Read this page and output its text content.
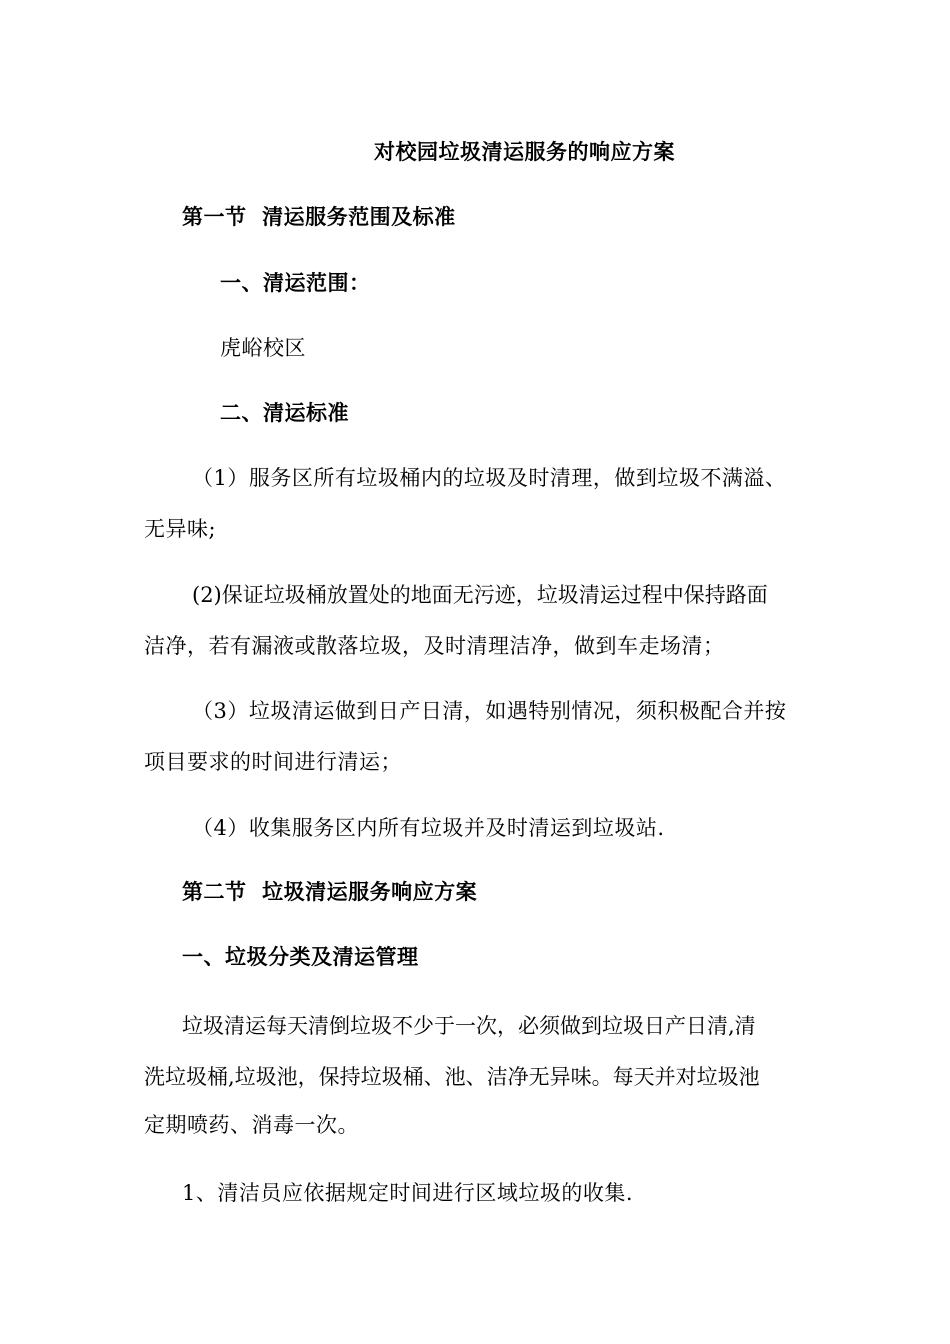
对校园垃圾清运服务的响应方案
第一节  清运服务范围及标准
一、清运范围：
虎峪校区
二、清运标准
（1）服务区所有垃圾桶内的垃圾及时清理，做到垃圾不满溢、
无异味;
(2)保证垃圾桶放置处的地面无污迹，垃圾清运过程中保持路面
洁净，若有漏液或散落垃圾，及时清理洁净，做到车走场清；
（3）垃圾清运做到日产日清，如遇特别情况，须积极配合并按
项目要求的时间进行清运；
（4）收集服务区内所有垃圾并及时清运到垃圾站.
第二节  垃圾清运服务响应方案
一、垃圾分类及清运管理
垃圾清运每天清倒垃圾不少于一次，必须做到垃圾日产日清,清
洗垃圾桶,垃圾池，保持垃圾桶、池、洁净无异味。每天并对垃圾池
定期喷药、消毒一次。
1、清洁员应依据规定时间进行区域垃圾的收集.
